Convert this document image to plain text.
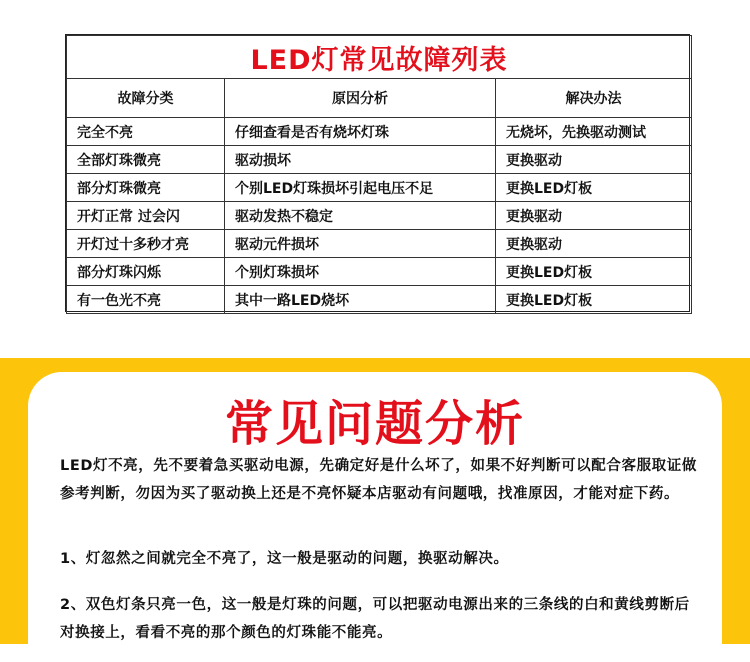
LED灯常见故障列表		
故障分类	原因分析	解决办法
完全不亮	仔细查看是否有烧坏灯珠	无烧坏，先换驱动测试
全部灯珠微亮	驱动损坏	更换驱动
部分灯珠微亮	个别LED灯珠损坏引起电压不足	更换LED灯板
开灯正常 过会闪	驱动发热不稳定	更换驱动
开灯过十多秒才亮	驱动元件损坏	更换驱动
部分灯珠闪烁	个别灯珠损坏	更换LED灯板
有一色光不亮	其中一路LED烧坏	更换LED灯板
常见问题分析

LED灯不亮，先不要着急买驱动电源，先确定好是什么坏了，如果不好判断可以配合客服取证做参考判断，勿因为买了驱动换上还是不亮怀疑本店驱动有问题哦，找准原因，才能对症下药。

1、灯忽然之间就完全不亮了，这一般是驱动的问题，换驱动解决。

2、双色灯条只亮一色，这一般是灯珠的问题，可以把驱动电源出来的三条线的白和黄线剪断后对换接上，看看不亮的那个颜色的灯珠能不能亮。
